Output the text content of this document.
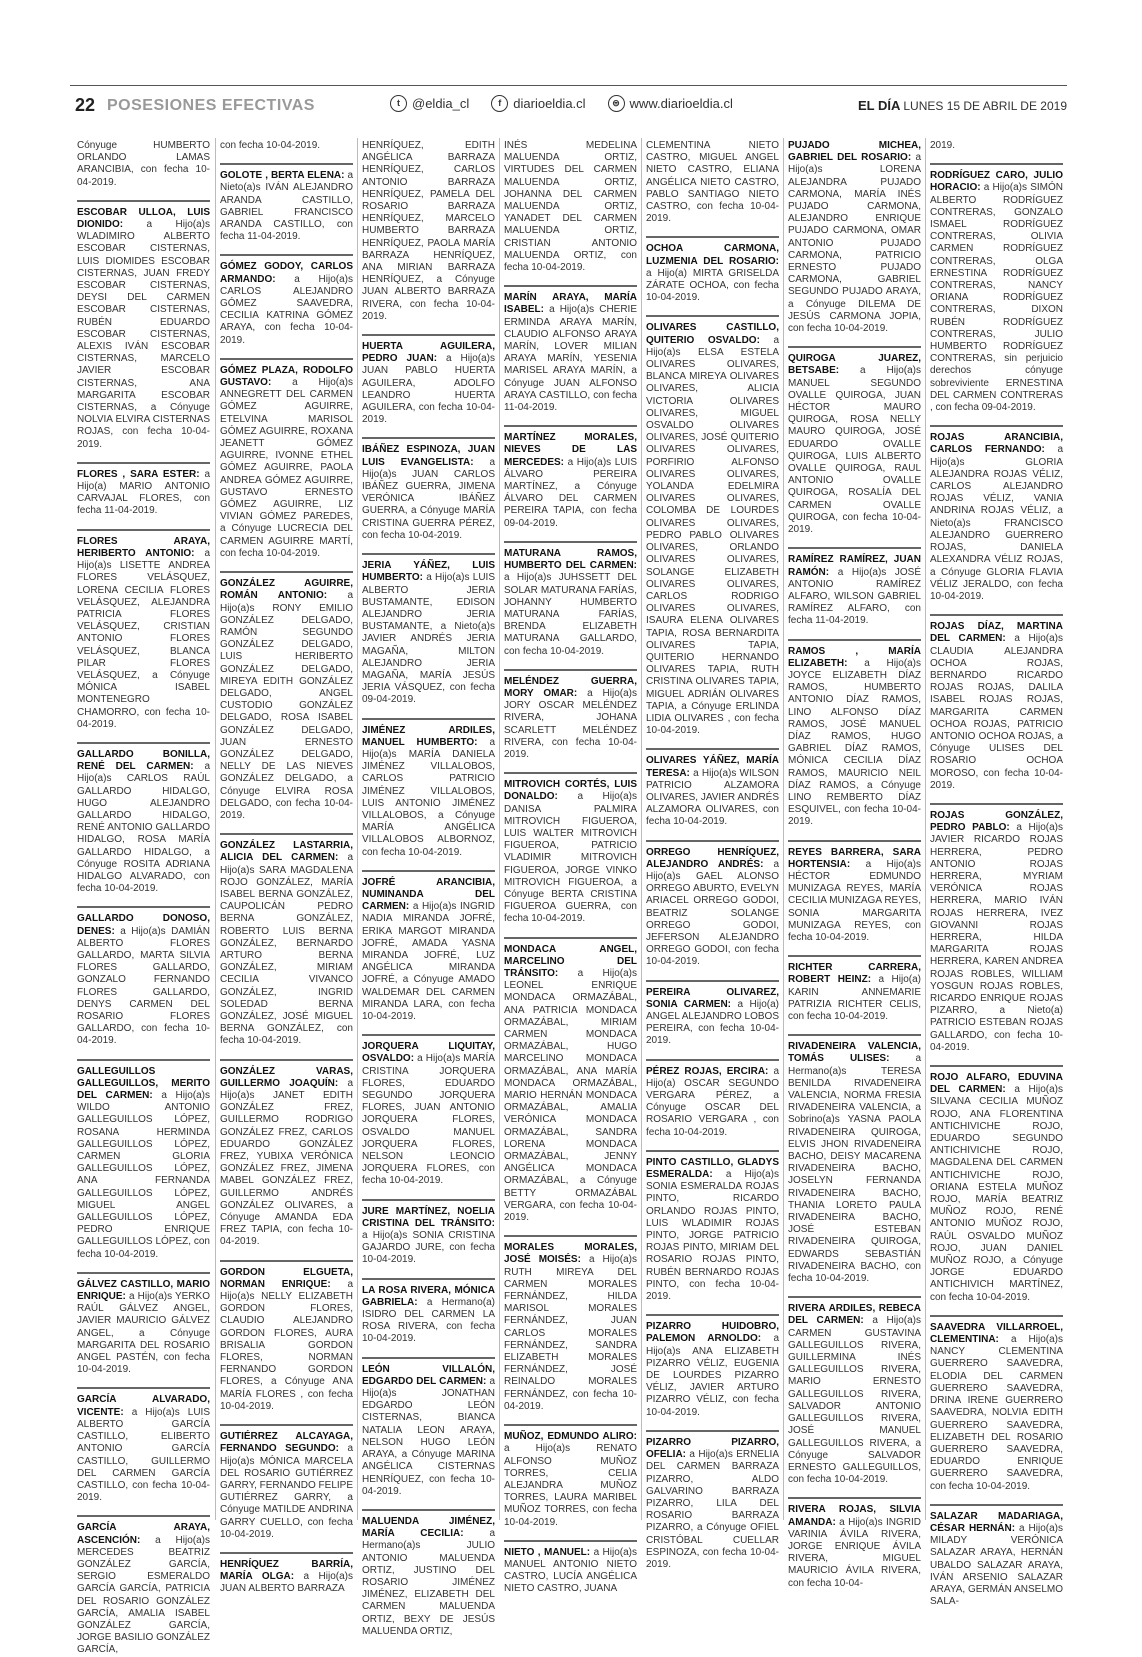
22 POSESIONES EFECTIVAS	t @eldia_cl	f diarioeldia.cl	⊜ www.diarioeldia.cl	EL DÍA LUNES 15 DE ABRIL DE 2019
Cónyuge HUMBERTO ORLANDO LAMAS ARANCIBIA, con fecha 10-04-2019.
ESCOBAR ULLOA, LUIS DIONIDO: a Hijo(a)s WLADIMIRO ALBERTO ESCOBAR CISTERNAS, LUIS DIOMIDES ESCOBAR CISTERNAS, JUAN FREDY ESCOBAR CISTERNAS, DEYSI DEL CARMEN ESCOBAR CISTERNAS, RUBÉN EDUARDO ESCOBAR CISTERNAS, ALEXIS IVÁN ESCOBAR CISTERNAS, MARCELO JAVIER ESCOBAR CISTERNAS, ANA MARGARITA ESCOBAR CISTERNAS, a Cónyuge NOLVIA ELVIRA CISTERNAS ROJAS, con fecha 10-04-2019.
FLORES , SARA ESTER: a Hijo(a) MARIO ANTONIO CARVAJAL FLORES, con fecha 11-04-2019.
FLORES ARAYA, HERIBERTO ANTONIO: a Hijo(a)s LISETTE ANDREA FLORES VELÁSQUEZ, LORENA CECILIA FLORES VELÁSQUEZ, ALEJANDRA PATRICIA FLORES VELÁSQUEZ, CRISTIAN ANTONIO FLORES VELÁSQUEZ, BLANCA PILAR FLORES VELÁSQUEZ, a Cónyuge MÓNICA ISABEL MONTENEGRO CHAMORRO, con fecha 10-04-2019.
GALLARDO BONILLA, RENÉ DEL CARMEN: a Hijo(a)s CARLOS RAÚL GALLARDO HIDALGO, HUGO ALEJANDRO GALLARDO HIDALGO, RENÉ ANTONIO GALLARDO HIDALGO, ROSA MARÍA GALLARDO HIDALGO, a Cónyuge ROSITA ADRIANA HIDALGO ALVARADO, con fecha 10-04-2019.
GALLARDO DONOSO, DENES: a Hijo(a)s DAMIÁN ALBERTO FLORES GALLARDO, MARTA SILVIA FLORES GALLARDO, GONZALO FERNANDO FLORES GALLARDO, DENYS CARMEN DEL ROSARIO FLORES GALLARDO, con fecha 10-04-2019.
GALLEGUILLOS GALLEGUILLOS, MERITO DEL CARMEN: a Hijo(a)s WILDO ANTONIO GALLEGUILLOS LÓPEZ, ROSANA HERMINDA GALLEGUILLOS LÓPEZ, CARMEN GLORIA GALLEGUILLOS LÓPEZ, ANA FERNANDA GALLEGUILLOS LÓPEZ, MIGUEL ANGEL GALLEGUILLOS LÓPEZ, PEDRO ENRIQUE GALLEGUILLOS LÓPEZ, con fecha 10-04-2019.
GÁLVEZ CASTILLO, MARIO ENRIQUE: a Hijo(a)s YERKO RAÚL GÁLVEZ ANGEL, JAVIER MAURICIO GÁLVEZ ANGEL, a Cónyuge MARGARITA DEL ROSARIO ANGEL PASTÉN, con fecha 10-04-2019.
GARCÍA ALVARADO, VICENTE: a Hijo(a)s LUIS ALBERTO GARCÍA CASTILLO, ELIBERTO ANTONIO GARCÍA CASTILLO, GUILLERMO DEL CARMEN GARCÍA CASTILLO, con fecha 10-04-2019.
GARCÍA ARAYA, ASCENCIÓN: a Hijo(a)s MERCEDES BEATRIZ GONZÁLEZ GARCÍA, SERGIO ESMERALDO GARCÍA GARCÍA, PATRICIA DEL ROSARIO GONZÁLEZ GARCÍA, AMALIA ISABEL GONZÁLEZ GARCÍA, JORGE BASILIO GONZÁLEZ GARCÍA,
con fecha 10-04-2019.
GOLOTE , BERTA ELENA: a Nieto(a)s IVÁN ALEJANDRO ARANDA CASTILLO, GABRIEL FRANCISCO ARANDA CASTILLO, con fecha 11-04-2019.
GÓMEZ GODOY, CARLOS ARMANDO: a Hijo(a)s CARLOS ALEJANDRO GÓMEZ SAAVEDRA, CECILIA KATRINA GÓMEZ ARAYA, con fecha 10-04-2019.
GÓMEZ PLAZA, RODOLFO GUSTAVO: a Hijo(a)s ANNEGRETT DEL CARMEN GÓMEZ AGUIRRE, ETELVINA MARISOL GÓMEZ AGUIRRE, ROXANA JEANETT GÓMEZ AGUIRRE, IVONNE ETHEL GÓMEZ AGUIRRE, PAOLA ANDREA GÓMEZ AGUIRRE, GUSTAVO ERNESTO GÓMEZ AGUIRRE, LIZ VIVIAN GÓMEZ PAREDES, a Cónyuge LUCRECIA DEL CARMEN AGUIRRE MARTÍ, con fecha 10-04-2019.
GONZÁLEZ AGUIRRE, ROMÁN ANTONIO: a Hijo(a)s RONY EMILIO GONZÁLEZ DELGADO, RAMÓN SEGUNDO GONZÁLEZ DELGADO, LUIS HERIBERTO GONZÁLEZ DELGADO, MIREYA EDITH GONZÁLEZ DELGADO, ANGEL CUSTODIO GONZÁLEZ DELGADO, ROSA ISABEL GONZÁLEZ DELGADO, JUAN ERNESTO GONZÁLEZ DELGADO, NELLY DE LAS NIEVES GONZÁLEZ DELGADO, a Cónyuge ELVIRA ROSA DELGADO, con fecha 10-04-2019.
GONZÁLEZ LASTARRIA, ALICIA DEL CARMEN: a Hijo(a)s SARA MAGDALENA ROJO GONZÁLEZ, MARÍA ISABEL BERNA GONZÁLEZ, CAUPOLICÁN PEDRO BERNA GONZÁLEZ, ROBERTO LUIS BERNA GONZÁLEZ, BERNARDO ARTURO BERNA GONZÁLEZ, MIRIAM CECILIA VIVANCO GONZÁLEZ, INGRID SOLEDAD BERNA GONZÁLEZ, JOSÉ MIGUEL BERNA GONZÁLEZ, con fecha 10-04-2019.
GONZÁLEZ VARAS, GUILLERMO JOAQUÍN: a Hijo(a)s JANET EDITH GONZÁLEZ FREZ, GUILLERMO RODRIGO GONZÁLEZ FREZ, CARLOS EDUARDO GONZÁLEZ FREZ, YUBIXA VERÓNICA GONZÁLEZ FREZ, JIMENA MABEL GONZÁLEZ FREZ, GUILLERMO ANDRÉS GONZÁLEZ OLIVARES, a Cónyuge AMANDA EDA FREZ TAPIA, con fecha 10-04-2019.
GORDON ELGUETA, NORMAN ENRIQUE: a Hijo(a)s NELLY ELIZABETH GORDON FLORES, CLAUDIO ALEJANDRO GORDON FLORES, AURA BRISALIA GORDON FLORES, NORMAN FERNANDO GORDON FLORES, a Cónyuge ANA MARÍA FLORES , con fecha 10-04-2019.
GUTIÉRREZ ALCAYAGA, FERNANDO SEGUNDO: a Hijo(a)s MÓNICA MARCELA DEL ROSARIO GUTIÉRREZ GARRY, FERNANDO FELIPE GUTIÉRREZ GARRY, a Cónyuge MATILDE ANDRINA GARRY CUELLO, con fecha 10-04-2019.
HENRÍQUEZ BARRÍA, MARÍA OLGA: a Hijo(a)s JUAN ALBERTO BARRAZA
HENRÍQUEZ, EDITH ANGÉLICA BARRAZA HENRÍQUEZ, CARLOS ANTONIO BARRAZA HENRÍQUEZ, PAMELA DEL ROSARIO BARRAZA HENRÍQUEZ, MARCELO HUMBERTO BARRAZA HENRÍQUEZ, PAOLA MARÍA BARRAZA HENRÍQUEZ, ANA MIRIAN BARRAZA HENRÍQUEZ, a Cónyuge JUAN ALBERTO BARRAZA RIVERA, con fecha 10-04-2019.
HUERTA AGUILERA, PEDRO JUAN: a Hijo(a)s JUAN PABLO HUERTA AGUILERA, ADOLFO LEANDRO HUERTA AGUILERA, con fecha 10-04-2019.
IBÁÑEZ ESPINOZA, JUAN LUIS EVANGELISTA: a Hijo(a)s JUAN CARLOS IBÁÑEZ GUERRA, JIMENA VERÓNICA IBÁÑEZ GUERRA, a Cónyuge MARÍA CRISTINA GUERRA PÉREZ, con fecha 10-04-2019.
JERIA YÁÑEZ, LUIS HUMBERTO: a Hijo(a)s LUIS ALBERTO JERIA BUSTAMANTE, EDISON ALEJANDRO JERIA BUSTAMANTE, a Nieto(a)s JAVIER ANDRÉS JERIA MAGAÑA, MILTON ALEJANDRO JERIA MAGAÑA, MARÍA JESÚS JERIA VÁSQUEZ, con fecha 09-04-2019.
JIMÉNEZ ARDILES, MANUEL HUMBERTO: a Hijo(a)s MARÍA DANIELA JIMÉNEZ VILLALOBOS, CARLOS PATRICIO JIMÉNEZ VILLALOBOS, LUIS ANTONIO JIMÉNEZ VILLALOBOS, a Cónyuge MARÍA ANGÉLICA VILLALOBOS ALBORNOZ, con fecha 10-04-2019.
JOFRÉ ARANCIBIA, NUMINANDA DEL CARMEN: a Hijo(a)s INGRID NADIA MIRANDA JOFRÉ, ERIKA MARGOT MIRANDA JOFRÉ, AMADA YASNA MIRANDA JOFRÉ, LUZ ANGÉLICA MIRANDA JOFRÉ, a Cónyuge AMADO WALDEMAR DEL CARMEN MIRANDA LARA, con fecha 10-04-2019.
JORQUERA LIQUITAY, OSVALDO: a Hijo(a)s MARÍA CRISTINA JORQUERA FLORES, EDUARDO SEGUNDO JORQUERA FLORES, JUAN ANTONIO JORQUERA FLORES, OSVALDO MANUEL JORQUERA FLORES, NELSON LEONCIO JORQUERA FLORES, con fecha 10-04-2019.
JURE MARTÍNEZ, NOELIA CRISTINA DEL TRÁNSITO: a Hijo(a)s SONIA CRISTINA GAJARDO JURE, con fecha 10-04-2019.
LA ROSA RIVERA, MÓNICA GABRIELA: a Hermano(a) ISIDRO DEL CARMEN LA ROSA RIVERA, con fecha 10-04-2019.
LEÓN VILLALÓN, EDGARDO DEL CARMEN: a Hijo(a)s JONATHAN EDGARDO LEÓN CISTERNAS, BIANCA NATALIA LEON ARAYA, NELSON HUGO LEÓN ARAYA, a Cónyuge MARINA ANGÉLICA CISTERNAS HENRÍQUEZ, con fecha 10-04-2019.
MALUENDA JIMÉNEZ, MARÍA CECILIA: a Hermano(a)s JULIO ANTONIO MALUENDA ORTIZ, JUSTINO DEL ROSARIO JIMÉNEZ JIMÉNEZ, ELIZABETH DEL CARMEN MALUENDA ORTIZ, BEXY DE JESÚS MALUENDA ORTIZ,
INÉS MEDELINA MALUENDA ORTIZ, VIRTUDES DEL CARMEN MALUENDA ORTIZ, JOHANNA DEL CARMEN MALUENDA ORTIZ, YANADET DEL CARMEN MALUENDA ORTIZ, CRISTIAN ANTONIO MALUENDA ORTIZ, con fecha 10-04-2019.
MARÍN ARAYA, MARÍA ISABEL: a Hijo(a)s CHERIE ERMINDA ARAYA MARÍN, CLAUDIO ALFONSO ARAYA MARÍN, LOVER MILIAN ARAYA MARÍN, YESENIA MARISEL ARAYA MARÍN, a Cónyuge JUAN ALFONSO ARAYA CASTILLO, con fecha 11-04-2019.
MARTÍNEZ MORALES, NIEVES DE LAS MERCEDES: a Hijo(a)s LUIS ÁLVARO PEREIRA MARTÍNEZ, a Cónyuge ÁLVARO DEL CARMEN PEREIRA TAPIA, con fecha 09-04-2019.
MATURANA RAMOS, HUMBERTO DEL CARMEN: a Hijo(a)s JUHSSETT DEL SOLAR MATURANA FARÍAS, JOHANNY HUMBERTO MATURANA FARÍAS, BRENDA ELIZABETH MATURANA GALLARDO, con fecha 10-04-2019.
MELÉNDEZ GUERRA, MORY OMAR: a Hijo(a)s JORY OSCAR MELÉNDEZ RIVERA, JOHANA SCARLETT MELÉNDEZ RIVERA, con fecha 10-04-2019.
MITROVICH CORTÉS, LUIS DONALDO: a Hijo(a)s DANISA PALMIRA MITROVICH FIGUEROA, LUIS WALTER MITROVICH FIGUEROA, PATRICIO VLADIMIR MITROVICH FIGUEROA, JORGE VINKO MITROVICH FIGUEROA, a Cónyuge BERTA CRISTINA FIGUEROA GUERRA, con fecha 10-04-2019.
MONDACA ANGEL, MARCELINO DEL TRÁNSITO: a Hijo(a)s LEONEL ENRIQUE MONDACA ORMAZÁBAL, ANA PATRICIA MONDACA ORMAZÁBAL, MIRIAM CARMEN MONDACA ORMAZÁBAL, HUGO MARCELINO MONDACA ORMAZÁBAL, ANA MARÍA MONDACA ORMAZÁBAL, MARIO HERNÁN MONDACA ORMAZÁBAL, AMALIA VERÓNICA MONDACA ORMAZÁBAL, SANDRA LORENA MONDACA ORMAZÁBAL, JENNY ANGÉLICA MONDACA ORMAZÁBAL, a Cónyuge BETTY ORMAZÁBAL VERGARA, con fecha 10-04-2019.
MORALES MORALES, JOSÉ MOISÉS: a Hijo(a)s RUTH MIREYA DEL CARMEN MORALES FERNÁNDEZ, HILDA MARISOL MORALES FERNÁNDEZ, JUAN CARLOS MORALES FERNÁNDEZ, SANDRA ELIZABETH MORALES FERNÁNDEZ, JOSÉ REINALDO MORALES FERNÁNDEZ, con fecha 10-04-2019.
MUÑOZ, EDMUNDO ALIRO: a Hijo(a)s RENATO ALFONSO MUÑOZ TORRES, CELIA ALEJANDRA MUÑOZ TORRES, LAURA MARIBEL MUÑOZ TORRES, con fecha 10-04-2019.
NIETO , MANUEL: a Hijo(a)s MANUEL ANTONIO NIETO CASTRO, LUCÍA ANGÉLICA NIETO CASTRO, JUANA
CLEMENTINA NIETO CASTRO, MIGUEL ANGEL NIETO CASTRO, ELIANA ANGÉLICA NIETO CASTRO, PABLO SANTIAGO NIETO CASTRO, con fecha 10-04-2019.
OCHOA CARMONA, LUZMENIA DEL ROSARIO: a Hijo(a) MIRTA GRISELDA ZÁRATE OCHOA, con fecha 10-04-2019.
OLIVARES CASTILLO, QUITERIO OSVALDO: a Hijo(a)s ELSA ESTELA OLIVARES OLIVARES, BLANCA MIREYA OLIVARES OLIVARES, ALICIA VICTORIA OLIVARES OLIVARES, MIGUEL OSVALDO OLIVARES OLIVARES, JOSÉ QUITERIO OLIVARES OLIVARES, PORFIRIO ALFONSO OLIVARES OLIVARES, YOLANDA EDELMIRA OLIVARES OLIVARES, COLOMBA DE LOURDES OLIVARES OLIVARES, PEDRO PABLO OLIVARES OLIVARES, ORLANDO OLIVARES OLIVARES, SOLANGE ELIZABETH OLIVARES OLIVARES, CARLOS RODRIGO OLIVARES OLIVARES, ISAURA ELENA OLIVARES TAPIA, ROSA BERNARDITA OLIVARES TAPIA, QUITERIO HERNANDO OLIVARES TAPIA, RUTH CRISTINA OLIVARES TAPIA, MIGUEL ADRIÁN OLIVARES TAPIA, a Cónyuge ERLINDA LIDIA OLIVARES , con fecha 10-04-2019.
OLIVARES YÁÑEZ, MARÍA TERESA: a Hijo(a)s WILSON PATRICIO ALZAMORA OLIVARES, JAVIER ANDRÉS ALZAMORA OLIVARES, con fecha 10-04-2019.
ORREGO HENRÍQUEZ, ALEJANDRO ANDRÉS: a Hijo(a)s GAEL ALONSO ORREGO ABURTO, EVELYN ARIACEL ORREGO GODOI, BEATRIZ SOLANGE ORREGO GODOI, JEFERSON ALEJANDRO ORREGO GODOI, con fecha 10-04-2019.
PEREIRA OLIVAREZ, SONIA CARMEN: a Hijo(a) ANGEL ALEJANDRO LOBOS PEREIRA, con fecha 10-04-2019.
PÉREZ ROJAS, ERCIRA: a Hijo(a) OSCAR SEGUNDO VERGARA PÉREZ, a Cónyuge OSCAR DEL ROSARIO VERGARA , con fecha 10-04-2019.
PINTO CASTILLO, GLADYS ESMERALDA: a Hijo(a)s SONIA ESMERALDA ROJAS PINTO, RICARDO ORLANDO ROJAS PINTO, LUIS WLADIMIR ROJAS PINTO, JORGE PATRICIO ROJAS PINTO, MIRIAM DEL ROSARIO ROJAS PINTO, RUBÉN BERNARDO ROJAS PINTO, con fecha 10-04-2019.
PIZARRO HUIDOBRO, PALEMON ARNOLDO: a Hijo(a)s ANA ELIZABETH PIZARRO VÉLIZ, EUGENIA DE LOURDES PIZARRO VÉLIZ, JAVIER ARTURO PIZARRO VÉLIZ, con fecha 10-04-2019.
PIZARRO PIZARRO, OFELIA: a Hijo(a)s ERNELIA DEL CARMEN BARRAZA PIZARRO, ALDO GALVARINO BARRAZA PIZARRO, LILA DEL ROSARIO BARRAZA PIZARRO, a Cónyuge OFIEL CRISTÓBAL CUELLAR ESPINOZA, con fecha 10-04-2019.
PUJADO MICHEA, GABRIEL DEL ROSARIO: a Hijo(a)s LORENA ALEJANDRA PUJADO CARMONA, MARÍA INÉS PUJADO CARMONA, ALEJANDRO ENRIQUE PUJADO CARMONA, OMAR ANTONIO PUJADO CARMONA, PATRICIO ERNESTO PUJADO CARMONA, GABRIEL SEGUNDO PUJADO ARAYA, a Cónyuge DILEMA DE JESÚS CARMONA JOPIA, con fecha 10-04-2019.
QUIROGA JUAREZ, BETSABE: a Hijo(a)s MANUEL SEGUNDO OVALLE QUIROGA, JUAN HÉCTOR MAURO QUIROGA, ROSA NELLY MAURO QUIROGA, JOSÉ EDUARDO OVALLE QUIROGA, LUIS ALBERTO OVALLE QUIROGA, RAUL ANTONIO OVALLE QUIROGA, ROSALÍA DEL CARMEN OVALLE QUIROGA, con fecha 10-04-2019.
RAMÍREZ RAMÍREZ, JUAN RAMÓN: a Hijo(a)s JOSÉ ANTONIO RAMÍREZ ALFARO, WILSON GABRIEL RAMÍREZ ALFARO, con fecha 11-04-2019.
RAMOS , MARÍA ELIZABETH: a Hijo(a)s JOYCE ELIZABETH DÍAZ RAMOS, HUMBERTO ANTONIO DÍAZ RAMOS, LINO ALFONSO DÍAZ RAMOS, JOSÉ MANUEL DÍAZ RAMOS, HUGO GABRIEL DÍAZ RAMOS, MÓNICA CECILIA DÍAZ RAMOS, MAURICIO NEIL DÍAZ RAMOS, a Cónyuge LINO REMBERTO DÍAZ ESQUIVEL, con fecha 10-04-2019.
REYES BARRERA, SARA HORTENSIA: a Hijo(a)s HÉCTOR EDMUNDO MUNIZAGA REYES, MARÍA CECILIA MUNIZAGA REYES, SONIA MARGARITA MUNIZAGA REYES, con fecha 10-04-2019.
RICHTER CARRERA, ROBERT HEINZ: a Hijo(a) KARIN ANNEMARIE PATRIZIA RICHTER CELIS, con fecha 10-04-2019.
RIVADENEIRA VALENCIA, TOMÁS ULISES: a Hermano(a)s TERESA BENILDA RIVADENEIRA VALENCIA, NORMA FRESIA RIVADENEIRA VALENCIA, a Sobrino(a)s YASNA PAOLA RIVADENEIRA QUIROGA, ELVIS JHON RIVADENEIRA BACHO, DEISY MACARENA RIVADENEIRA BACHO, JOSELYN FERNANDA RIVADENEIRA BACHO, THANIA LORETO PAULA RIVADENEIRA BACHO, JOSÉ ESTEBAN RIVADENEIRA QUIROGA, EDWARDS SEBASTIÁN RIVADENEIRA BACHO, con fecha 10-04-2019.
RIVERA ARDILES, REBECA DEL CARMEN: a Hijo(a)s CARMEN GUSTAVINA GALLEGUILLOS RIVERA, GUILLERMINA INÉS GALLEGUILLOS RIVERA, MARIO ERNESTO GALLEGUILLOS RIVERA, SALVADOR ANTONIO GALLEGUILLOS RIVERA, JOSÉ MANUEL GALLEGUILLOS RIVERA, a Cónyuge SALVADOR ERNESTO GALLEGUILLOS, con fecha 10-04-2019.
RIVERA ROJAS, SILVIA AMANDA: a Hijo(a)s INGRID VARINIA ÁVILA RIVERA, JORGE ENRIQUE ÁVILA RIVERA, MIGUEL MAURICIO ÁVILA RIVERA, con fecha 10-04-
2019.
RODRÍGUEZ CARO, JULIO HORACIO: a Hijo(a)s SIMÓN ALBERTO RODRÍGUEZ CONTRERAS, GONZALO ISMAEL RODRÍGUEZ CONTRERAS, OLIVIA CARMEN RODRÍGUEZ CONTRERAS, OLGA ERNESTINA RODRÍGUEZ CONTRERAS, NANCY ORIANA RODRÍGUEZ CONTRERAS, DIXON RUBÉN RODRÍGUEZ CONTRERAS, JULIO HUMBERTO RODRÍGUEZ CONTRERAS, sin perjuicio derechos cónyuge sobreviviente ERNESTINA DEL CARMEN CONTRERAS , con fecha 09-04-2019.
ROJAS ARANCIBIA, CARLOS FERNANDO: a Hijo(a)s GLORIA ALEJANDRA ROJAS VÉLIZ, CARLOS ALEJANDRO ROJAS VÉLIZ, VANIA ANDRINA ROJAS VÉLIZ, a Nieto(a)s FRANCISCO ALEJANDRO GUERRERO ROJAS, DANIELA ALEXANDRA VÉLIZ ROJAS, a Cónyuge GLORIA FLAVIA VÉLIZ JERALDO, con fecha 10-04-2019.
ROJAS DÍAZ, MARTINA DEL CARMEN: a Hijo(a)s CLAUDIA ALEJANDRA OCHOA ROJAS, BERNARDO RICARDO ROJAS ROJAS, DALILA ISABEL ROJAS ROJAS, MARGARITA CARMEN OCHOA ROJAS, PATRICIO ANTONIO OCHOA ROJAS, a Cónyuge ULISES DEL ROSARIO OCHOA MOROSO, con fecha 10-04-2019.
ROJAS GONZÁLEZ, PEDRO PABLO: a Hijo(a)s JAVIER RICARDO ROJAS HERRERA, PEDRO ANTONIO ROJAS HERRERA, MYRIAM VERÓNICA ROJAS HERRERA, MARIO IVÁN ROJAS HERRERA, IVEZ GIOVANNI ROJAS HERRERA, HILDA MARGARITA ROJAS HERRERA, KAREN ANDREA ROJAS ROBLES, WILLIAM YOSGUN ROJAS ROBLES, RICARDO ENRIQUE ROJAS PIZARRO, a Nieto(a) PATRICIO ESTEBAN ROJAS GALLARDO, con fecha 10-04-2019.
ROJO ALFARO, EDUVINA DEL CARMEN: a Hijo(a)s SILVANA CECILIA MUÑOZ ROJO, ANA FLORENTINA ANTICHIVICHE ROJO, EDUARDO SEGUNDO ANTICHIVICHE ROJO, MAGDALENA DEL CARMEN ANTICHIVICHE ROJO, ORIANA ESTELA MUÑOZ ROJO, MARÍA BEATRIZ MUÑOZ ROJO, RENÉ ANTONIO MUÑOZ ROJO, RAÚL OSVALDO MUÑOZ ROJO, JUAN DANIEL MUÑOZ ROJO, a Cónyuge JORGE EDUARDO ANTICHIVICH MARTÍNEZ, con fecha 10-04-2019.
SAAVEDRA VILLARROEL, CLEMENTINA: a Hijo(a)s NANCY CLEMENTINA GUERRERO SAAVEDRA, ELODIA DEL CARMEN GUERRERO SAAVEDRA, DRINA IRENE GUERRERO SAAVEDRA, NOLVIA EDITH GUERRERO SAAVEDRA, ELIZABETH DEL ROSARIO GUERRERO SAAVEDRA, EDUARDO ENRIQUE GUERRERO SAAVEDRA, con fecha 10-04-2019.
SALAZAR MADARIAGA, CÉSAR HERNÁN: a Hijo(a)s MILADY VERÓNICA SALAZAR ARAYA, HERNÁN UBALDO SALAZAR ARAYA, IVÁN ARSENIO SALAZAR ARAYA, GERMÁN ANSELMO SALA-
